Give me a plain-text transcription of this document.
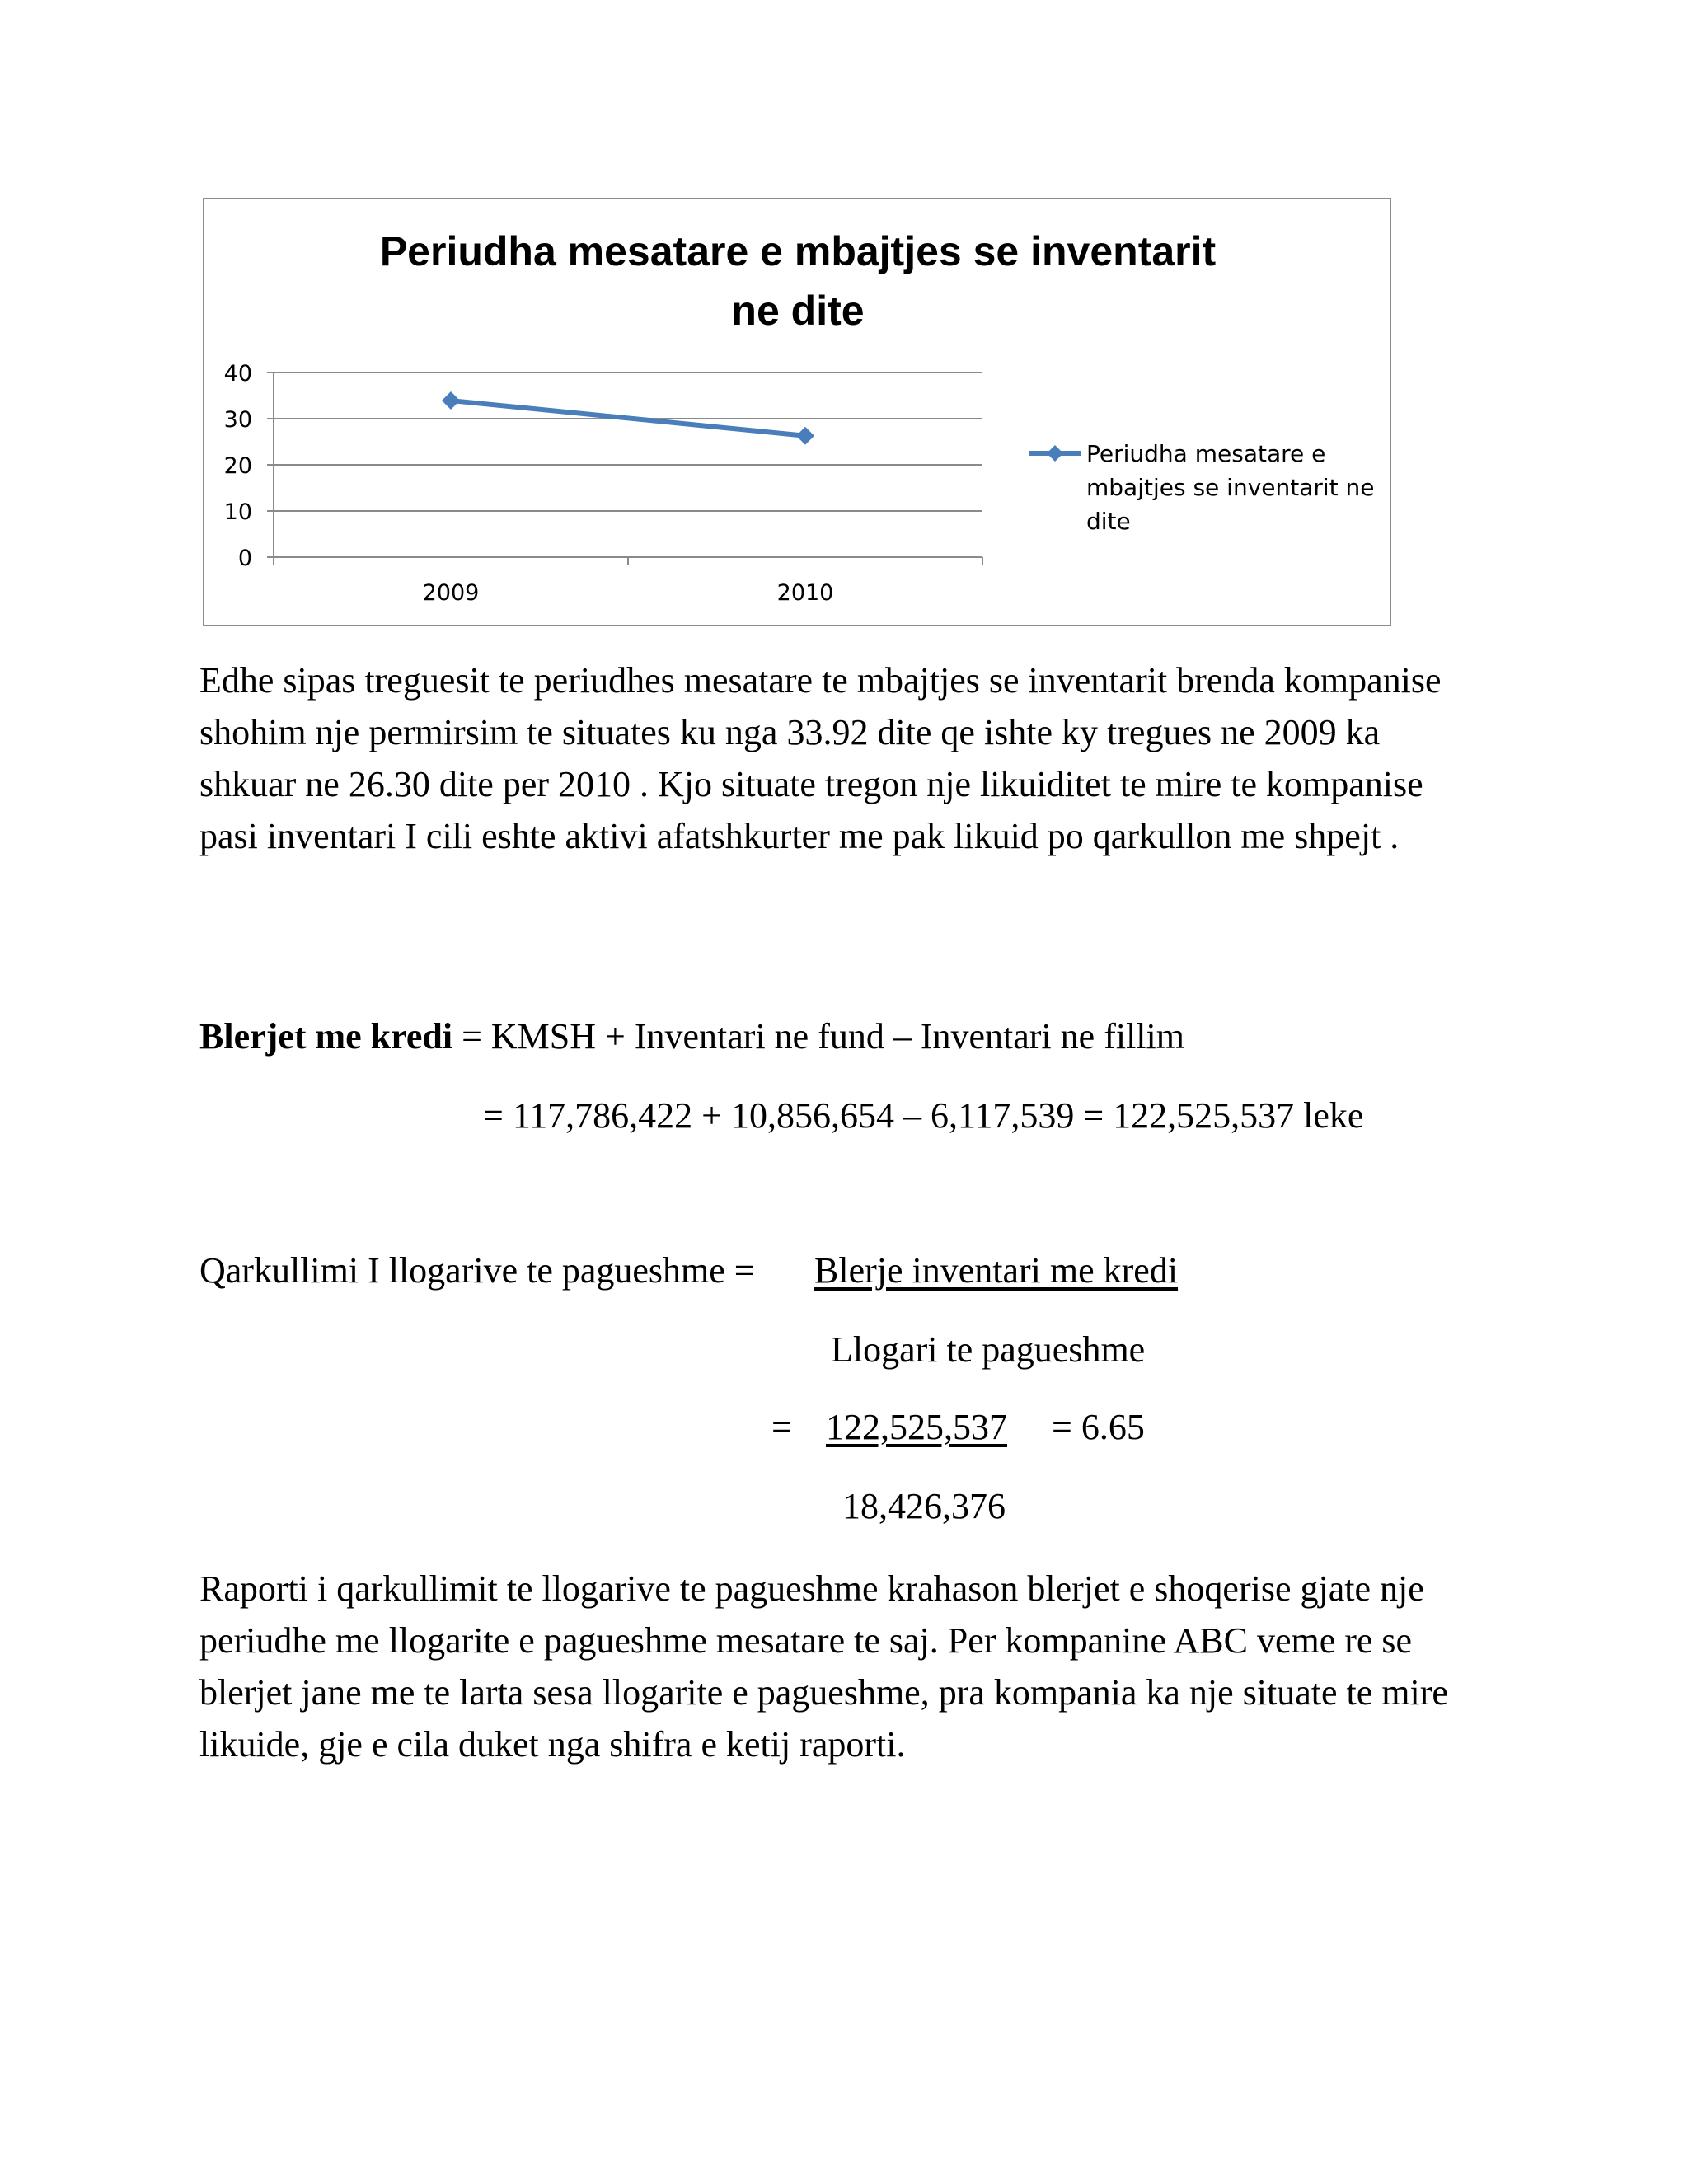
Periudha mesatare e mbajtjes se inventarit
ne dite
0
10
20
30
40
2009	2010
Periudha mesatare e
mbajtjes se inventarit ne
dite

Edhe sipas treguesit te periudhes mesatare te mbajtjes se inventarit brenda kompanise shohim nje permirsim te situates ku nga 33.92 dite qe ishte ky tregues ne 2009 ka shkuar ne 26.30 dite per 2010 . Kjo situate tregon nje likuiditet te mire te kompanise pasi inventari I cili eshte aktivi afatshkurter me pak likuid po qarkullon me shpejt .

Blerjet me kredi = KMSH + Inventari ne fund – Inventari ne fillim
= 117,786,422 + 10,856,654 – 6,117,539 = 122,525,537 leke
Qarkullimi I llogarive te pagueshme = Blerje inventari me kredi
Llogari te pagueshme
= 122,525,537	= 6.65
18,426,376

Raporti i qarkullimit te llogarive te pagueshme krahason blerjet e shoqerise gjate nje periudhe me llogarite e pagueshme mesatare te saj. Per kompanine ABC veme re se blerjet jane me te larta sesa llogarite e pagueshme, pra kompania ka nje situate te mire likuide, gje e cila duket nga shifra e ketij raporti.
